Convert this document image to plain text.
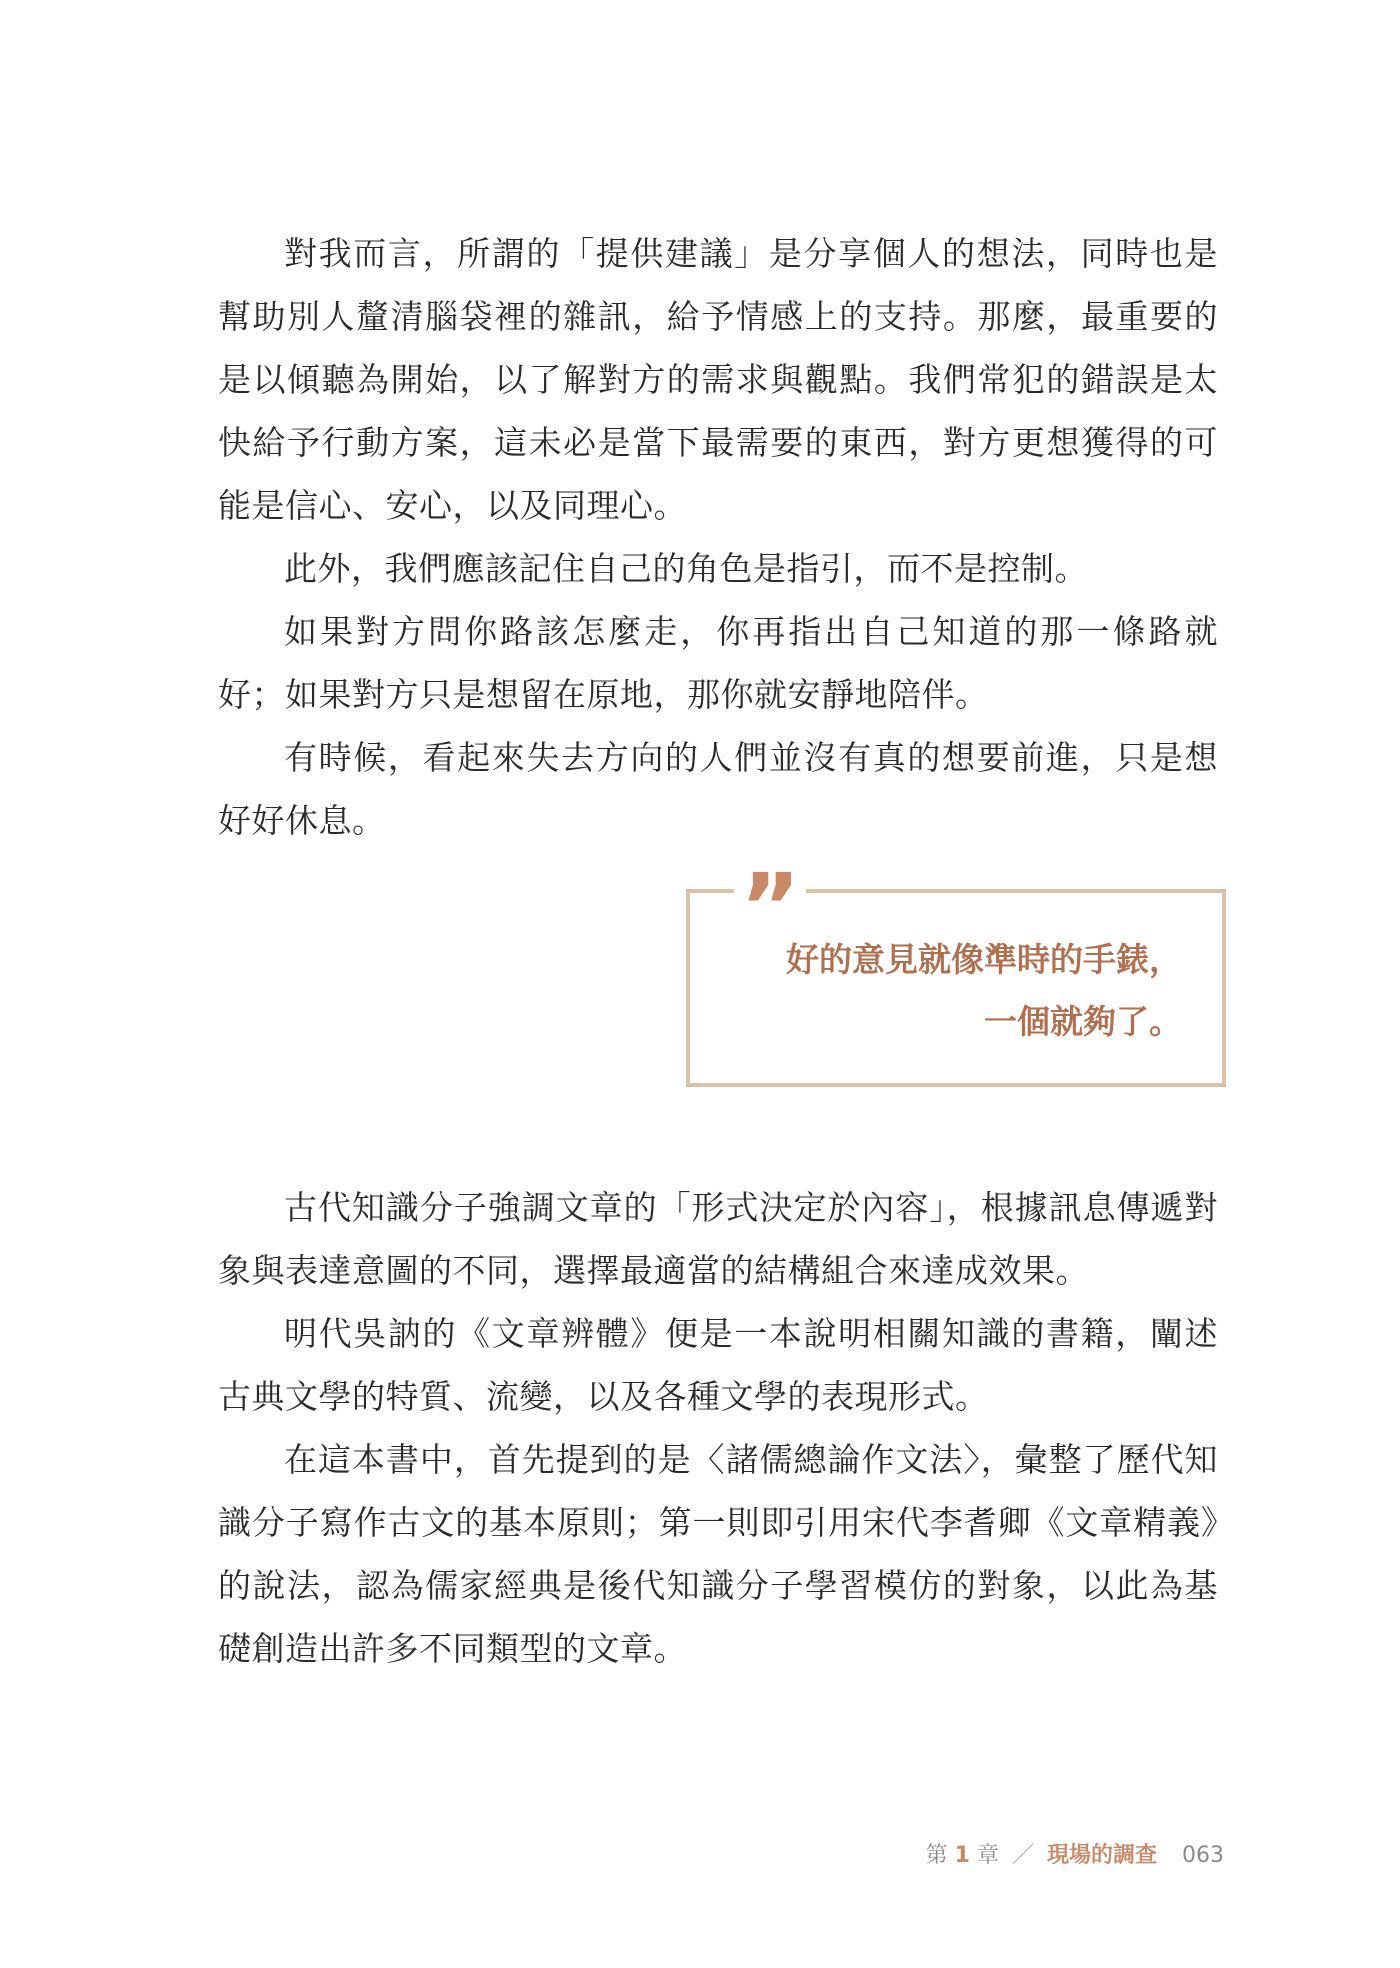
對我而言，所謂的「提供建議」是分享個人的想法，同時也是幫助別人釐清腦袋裡的雜訊，給予情感上的支持。那麼，最重要的是以傾聽為開始，以了解對方的需求與觀點。我們常犯的錯誤是太快給予行動方案，這未必是當下最需要的東西，對方更想獲得的可能是信心、安心，以及同理心。

此外，我們應該記住自己的角色是指引，而不是控制。

如果對方問你路該怎麼走，你再指出自己知道的那一條路就好；如果對方只是想留在原地，那你就安靜地陪伴。

有時候，看起來失去方向的人們並沒有真的想要前進，只是想好好休息。

”

好的意見就像準時的手錶，
一個就夠了。

古代知識分子強調文章的「形式決定於內容」，根據訊息傳遞對象與表達意圖的不同，選擇最適當的結構組合來達成效果。

明代吳訥的《文章辨體》便是一本說明相關知識的書籍，闡述古典文學的特質、流變，以及各種文學的表現形式。

在這本書中，首先提到的是〈諸儒總論作文法〉，彙整了歷代知識分子寫作古文的基本原則；第一則即引用宋代李耆卿《文章精義》的說法，認為儒家經典是後代知識分子學習模仿的對象，以此為基礎創造出許多不同類型的文章。

第 1 章 ／ 現場的調查 063
